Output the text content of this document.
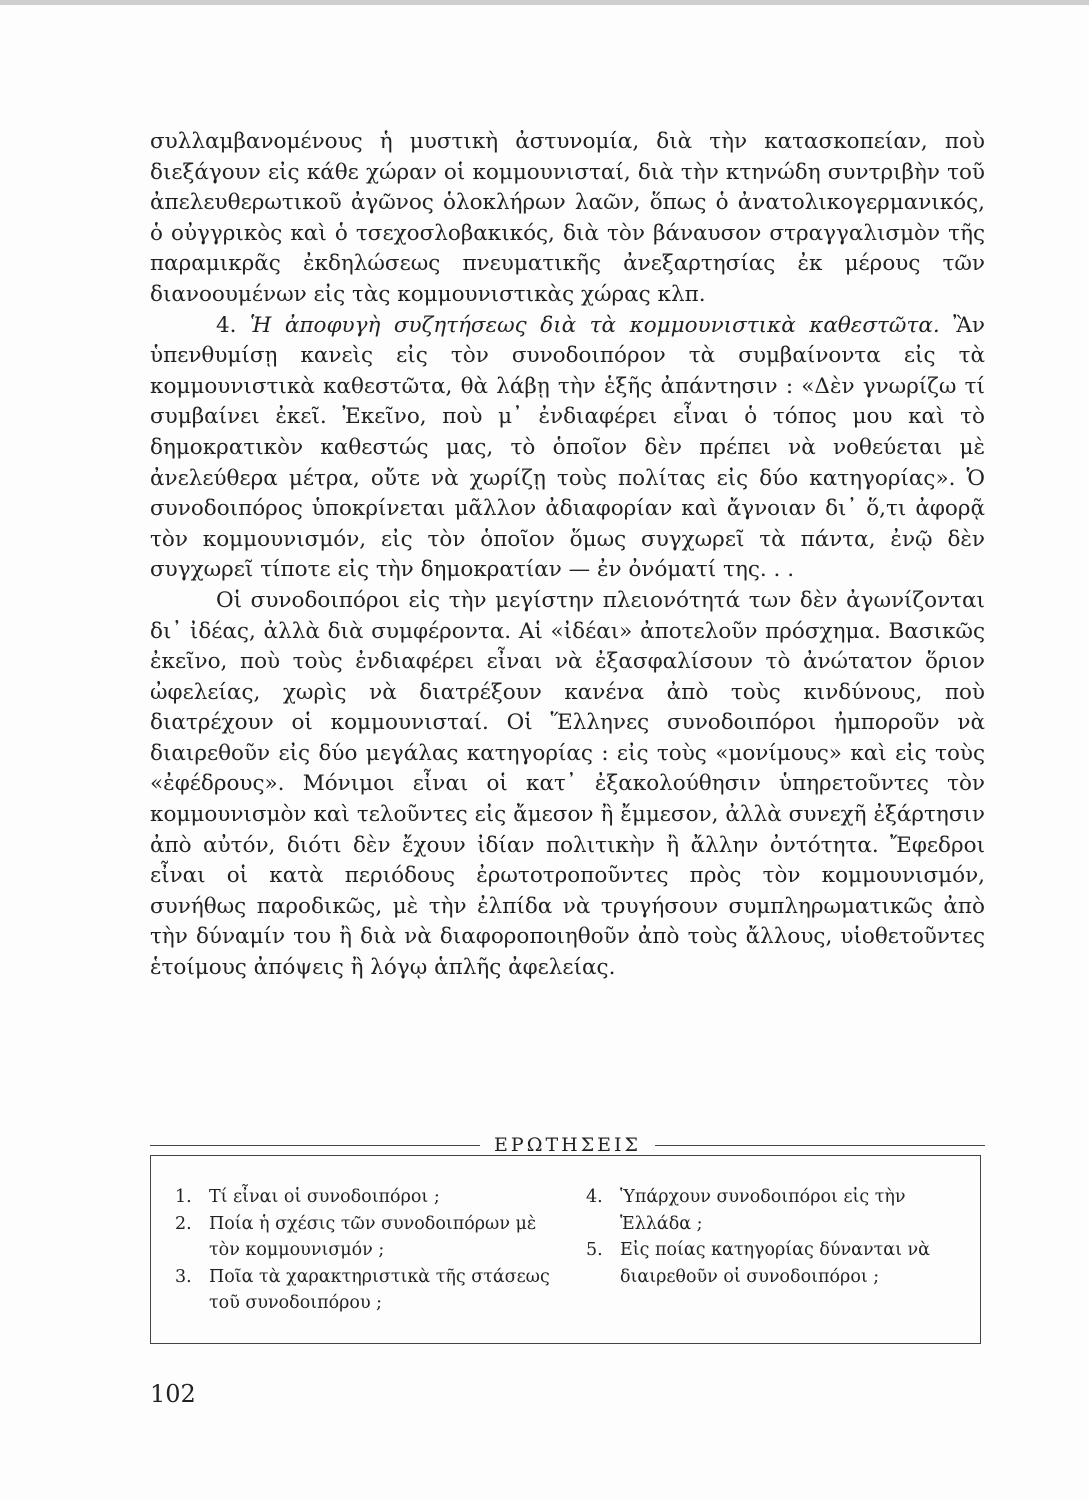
συλλαμβανομένους ἡ μυστικὴ ἀστυνομία, διὰ τὴν κατασκοπείαν, ποὺ διεξάγουν εἰς κάθε χώραν οἱ κομμουνισταί, διὰ τὴν κτηνώδη συντριβὴν τοῦ ἀπελευθερωτικοῦ ἀγῶνος ὁλοκλήρων λαῶν, ὅπως ὁ ἀνατολικογερμανικός, ὁ οὐγγρικὸς καὶ ὁ τσεχοσλοβακικός, διὰ τὸν βάναυσον στραγγαλισμὸν τῆς παραμικρᾶς ἐκδηλώσεως πνευματικῆς ἀνεξαρτησίας ἐκ μέρους τῶν διανοουμένων εἰς τὰς κομμουνιστικὰς χώρας κλπ.

4. Ἡ ἀποφυγὴ συζητήσεως διὰ τὰ κομμουνιστικὰ καθεστῶτα. Ἂν ὑπενθυμίσῃ κανεὶς εἰς τὸν συνοδοιπόρον τὰ συμβαίνοντα εἰς τὰ κομμουνιστικὰ καθεστῶτα, θὰ λάβῃ τὴν ἑξῆς ἀπάντησιν : «Δὲν γνωρίζω τί συμβαίνει ἐκεῖ. Ἐκεῖνο, ποὺ μ᾿ ἐνδιαφέρει εἶναι ὁ τόπος μου καὶ τὸ δημοκρατικὸν καθεστώς μας, τὸ ὁποῖον δὲν πρέπει νὰ νοθεύεται μὲ ἀνελεύθερα μέτρα, οὔτε νὰ χωρίζῃ τοὺς πολίτας εἰς δύο κατηγορίας». Ὁ συνοδοιπόρος ὑποκρίνεται μᾶλλον ἀδιαφορίαν καὶ ἄγνοιαν δι᾿ ὅ,τι ἀφορᾷ τὸν κομμουνισμόν, εἰς τὸν ὁποῖον ὅμως συγχωρεῖ τὰ πάντα, ἐνῷ δὲν συγχωρεῖ τίποτε εἰς τὴν δημοκρατίαν — ἐν ὀνόματί της. . .

Οἱ συνοδοιπόροι εἰς τὴν μεγίστην πλειονότητά των δὲν ἀγωνίζονται δι᾿ ἰδέας, ἀλλὰ διὰ συμφέροντα. Αἱ «ἰδέαι» ἀποτελοῦν πρόσχημα. Βασικῶς ἐκεῖνο, ποὺ τοὺς ἐνδιαφέρει εἶναι νὰ ἐξασφαλίσουν τὸ ἀνώτατον ὅριον ὠφελείας, χωρὶς νὰ διατρέξουν κανένα ἀπὸ τοὺς κινδύνους, ποὺ διατρέχουν οἱ κομμουνισταί. Οἱ Ἕλληνες συνοδοιπόροι ἠμποροῦν νὰ διαιρεθοῦν εἰς δύο μεγάλας κατηγορίας : εἰς τοὺς «μονίμους» καὶ εἰς τοὺς «ἐφέδρους». Μόνιμοι εἶναι οἱ κατ᾿ ἐξακολούθησιν ὑπηρετοῦντες τὸν κομμουνισμὸν καὶ τελοῦντες εἰς ἄμεσον ἢ ἔμμεσον, ἀλλὰ συνεχῆ ἐξάρτησιν ἀπὸ αὐτόν, διότι δὲν ἔχουν ἰδίαν πολιτικὴν ἢ ἄλλην ὀντότητα. Ἔφεδροι εἶναι οἱ κατὰ περιόδους ἐρωτοτροποῦντες πρὸς τὸν κομμουνισμόν, συνήθως παροδικῶς, μὲ τὴν ἐλπίδα νὰ τρυγήσουν συμπληρωματικῶς ἀπὸ τὴν δύναμίν του ἢ διὰ νὰ διαφοροποιηθοῦν ἀπὸ τοὺς ἄλλους, υἱοθετοῦντες ἑτοίμους ἀπόψεις ἢ λόγῳ ἁπλῆς ἀφελείας.

ΕΡΩΤΗΣΕΙΣ
1. Τί εἶναι οἱ συνοδοιπόροι ;
2. Ποία ἡ σχέσις τῶν συνοδοιπόρων μὲ τὸν κομμουνισμόν ;
3. Ποῖα τὰ χαρακτηριστικὰ τῆς στάσεως τοῦ συνοδοιπόρου ;
4. Ὑπάρχουν συνοδοιπόροι εἰς τὴν Ἑλλάδα ;
5. Εἰς ποίας κατηγορίας δύνανται νὰ διαιρεθοῦν οἱ συνοδοιπόροι ;
102
